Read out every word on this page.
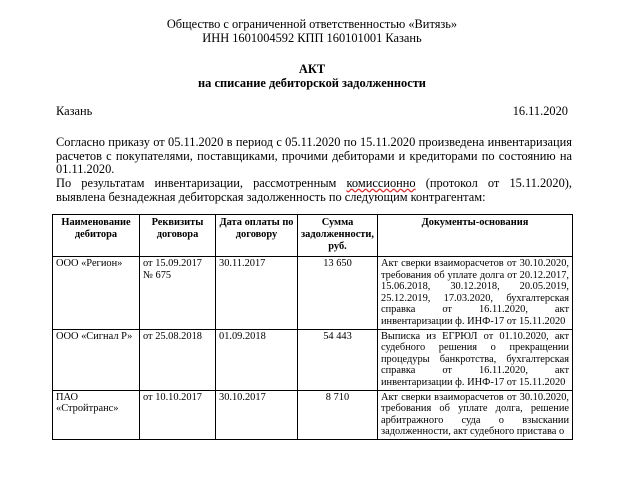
Общество с ограниченной ответственностью «Витязь»
ИНН 1601004592 КПП 160101001 Казань
АКТ
на списание дебиторской задолженности
Казань	16.11.2020
Согласно приказу от 05.11.2020 в период с 05.11.2020 по 15.11.2020 произведена инвентаризация расчетов с покупателями, поставщиками, прочими дебиторами и кредиторами по состоянию на 01.11.2020.
По результатам инвентаризации, рассмотренным комиссионно (протокол от 15.11.2020), выявлена безнадежная дебиторская задолженность по следующим контрагентам:
Наименование дебитора	Реквизиты договора	Дата оплаты по договору	Сумма задолженности, руб.	Документы-основания
ООО «Регион»	от 15.09.2017 № 675	30.11.2017	13 650	Акт сверки взаиморасчетов от 30.10.2020, требования об уплате долга от 20.12.2017, 15.06.2018, 30.12.2018, 20.05.2019, 25.12.2019, 17.03.2020, бухгалтерская справка от 16.11.2020, акт инвентаризации ф. ИНФ-17 от 15.11.2020
ООО «Сигнал Р»	от 25.08.2018	01.09.2018	54 443	Выписка из ЕГРЮЛ от 01.10.2020, акт судебного решения о прекращении процедуры банкротства, бухгалтерская справка от 16.11.2020, акт инвентаризации ф. ИНФ-17 от 15.11.2020
ПАО «Стройтранс»	от 10.10.2017	30.10.2017	8 710	Акт сверки взаиморасчетов от 30.10.2020, требования об уплате долга, решение арбитражного суда о взыскании задолженности, акт судебного пристава о
